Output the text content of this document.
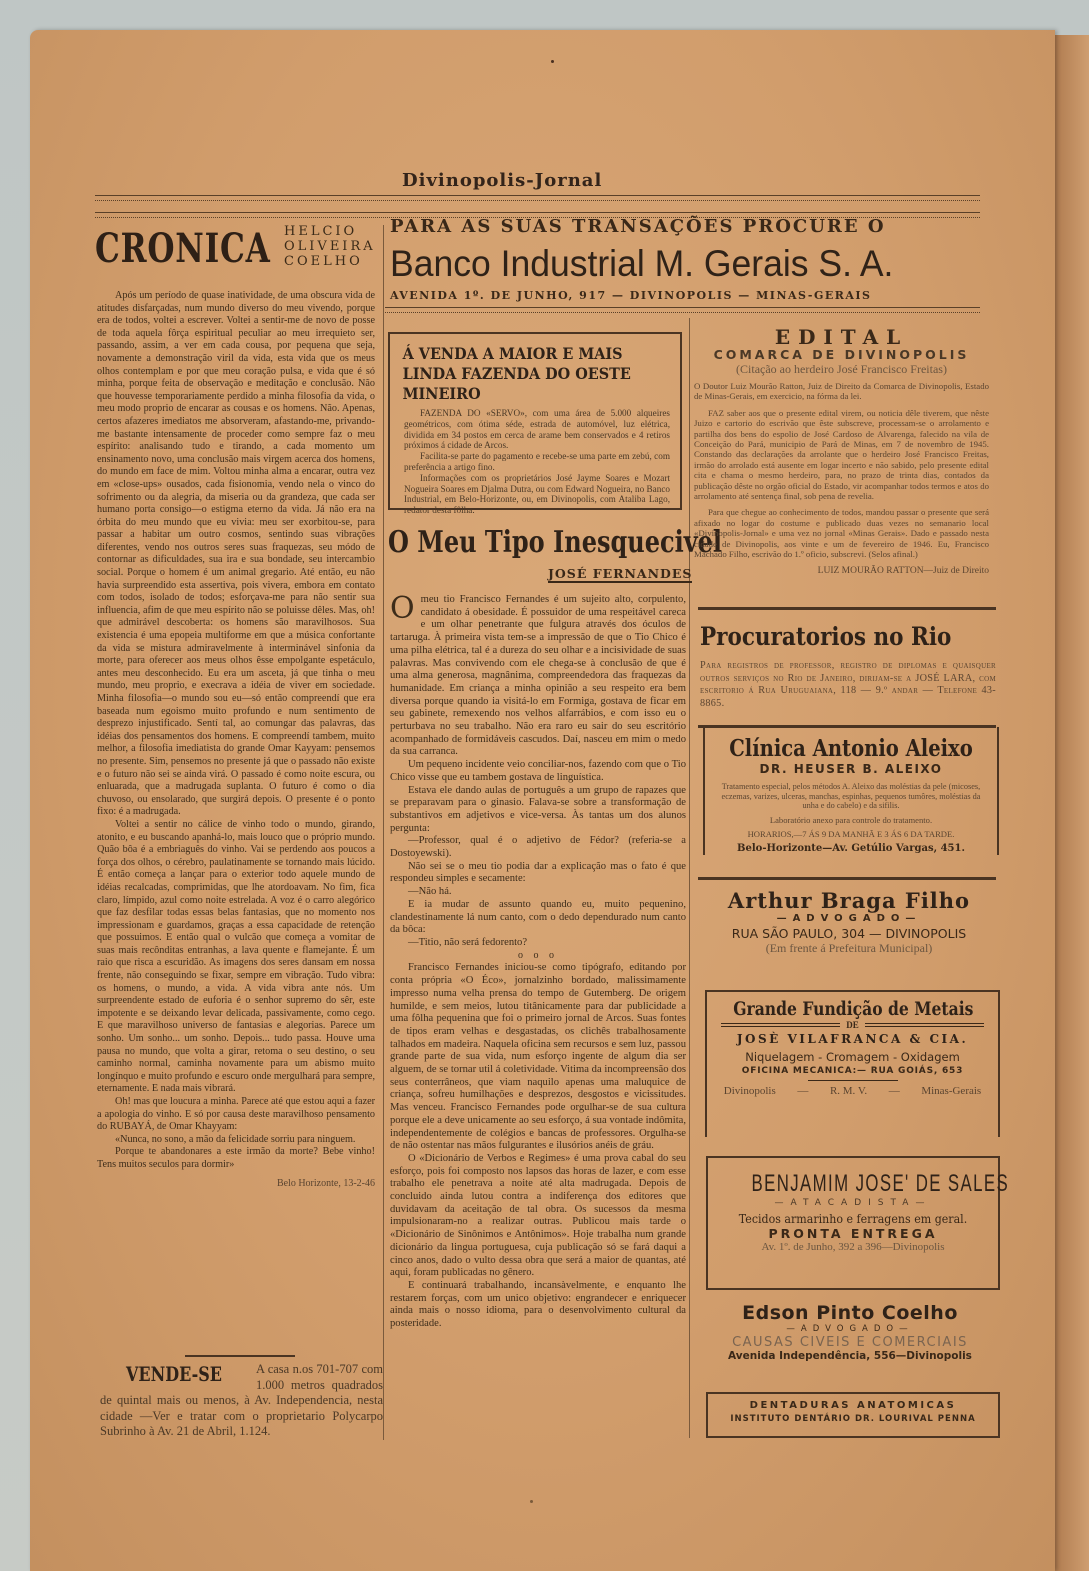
Divinopolis-Jornal
CRONICA HELCIO
OLIVEIRA
COELHO

Após um período de quase inatividade, de uma obscura vida de atitudes disfarçadas, num mundo diverso do meu vivendo, porque era de todos, voltei a escrever. Voltei a sentir-me de novo de posse de toda aquela fôrça espiritual peculiar ao meu irrequieto ser, passando, assim, a ver em cada cousa, por pequena que seja, novamente a demonstração viril da vida, esta vida que os meus olhos contemplam e por que meu coração pulsa, e vida que é só minha, porque feita de observação e meditação e conclusão. Não que houvesse temporariamente perdido a minha filosofia da vida, o meu modo proprio de encarar as cousas e os homens. Não. Apenas, certos afazeres imediatos me absorveram, afastando-me, privando-me bastante intensamente de proceder como sempre faz o meu espírito: analisando tudo e tirando, a cada momento um ensinamento novo, uma conclusão mais virgem acerca dos homens, do mundo em face de mim. Voltou minha alma a encarar, outra vez em «close-ups» ousados, cada fisionomia, vendo nela o vinco do sofrimento ou da alegria, da miseria ou da grandeza, que cada ser humano porta consigo—o estigma eterno da vida. Já não era na órbita do meu mundo que eu vivia: meu ser exorbitou-se, para passar a habitar um outro cosmos, sentindo suas vibrações diferentes, vendo nos outros seres suas fraquezas, seu módo de contornar as dificuldades, sua ira e sua bondade, seu intercambio social. Porque o homem é um animal gregario. Até então, eu não havia surpreendido esta assertiva, pois vivera, embora em contato com todos, isolado de todos; esforçava-me para não sentir sua influencia, afim de que meu espírito não se poluisse dêles. Mas, oh! que admirável descoberta: os homens são maravilhosos. Sua existencia é uma epopeia multiforme em que a música confortante da vida se mistura admiravelmente à interminável sinfonia da morte, para oferecer aos meus olhos êsse empolgante espetáculo, antes meu desconhecido. Eu era um asceta, já que tinha o meu mundo, meu proprio, e execrava a idéia de viver em sociedade. Minha filosofia—o mundo sou eu—só então compreendí que era baseada num egoismo muito profundo e num sentimento de desprezo injustificado. Sentí tal, ao comungar das palavras, das idéias dos pensamentos dos homens. E compreendí tambem, muito melhor, a filosofia imediatista do grande Omar Kayyam: pensemos no presente. Sim, pensemos no presente já que o passado não existe e o futuro não sei se ainda virá. O passado é como noite escura, ou enluarada, que a madrugada suplanta. O futuro é como o dia chuvoso, ou ensolarado, que surgirá depois. O presente é o ponto fixo: é a madrugada.

Voltei a sentir no cálice de vinho todo o mundo, girando, atonito, e eu buscando apanhá-lo, mais louco que o próprio mundo. Quão bôa é a embriaguês do vinho. Vai se perdendo aos poucos a força dos olhos, o cérebro, paulatinamente se tornando mais lúcido. É então começa a lançar para o exterior todo aquele mundo de idéias recalcadas, comprimidas, que lhe atordoavam. No fim, fica claro, límpido, azul como noite estrelada. A voz é o carro alegórico que faz desfilar todas essas belas fantasias, que no momento nos impressionam e guardamos, graças a essa capacidade de retenção que possuimos. E então qual o vulcão que começa a vomitar de suas mais recônditas entranhas, a lava quente e flamejante. É um raio que risca a escuridão. As imagens dos seres dansam em nossa frente, não conseguindo se fixar, sempre em vibração. Tudo vibra: os homens, o mundo, a vida. A vida vibra ante nós. Um surpreendente estado de euforia é o senhor supremo do sêr, este impotente e se deixando levar delicada, passivamente, como cego. E que maravilhoso universo de fantasias e alegorias. Parece um sonho. Um sonho... um sonho. Depois... tudo passa. Houve uma pausa no mundo, que volta a girar, retoma o seu destino, o seu caminho normal, caminha novamente para um abismo muito longínquo e muito profundo e escuro onde mergulhará para sempre, eternamente. E nada mais vibrará.

Oh! mas que loucura a minha. Parece até que estou aqui a fazer a apologia do vinho. E só por causa deste maravilhoso pensamento do RUBAYÁ, de Omar Khayyam:

«Nunca, no sono, a mão da felicidade sorriu para ninguem.

Porque te abandonares a este irmão da morte? Bebe vinho! Tens muitos seculos para dormir»

Belo Horizonte, 13-2-46
VENDE-SE	A casa n.os 701-707 com 1.000 metros quadrados de quintal mais ou menos, à Av. Independencia, nesta cidade —Ver e tratar com o proprietario Polycarpo Subrinho à Av. 21 de Abril, 1.124.
PARA AS SUAS TRANSAÇÕES PROCURE O
Banco Industrial M. Gerais S. A.
AVENIDA 1º. DE JUNHO, 917 — DIVINOPOLIS — MINAS-GERAIS
Á VENDA A MAIOR E MAIS LINDA FAZENDA DO OESTE MINEIRO

FAZENDA DO «SERVO», com uma área de 5.000 alqueires geométricos, com ótima séde, estrada de automóvel, luz elétrica, dividida em 34 postos em cerca de arame bem conservados e 4 retiros próximos á cidade de Arcos.

Facilita-se parte do pagamento e recebe-se uma parte em zebú, com preferência a artigo fino.

Informações com os proprietários José Jayme Soares e Mozart Nogueira Soares em Djalma Dutra, ou com Edward Nogueira, no Banco Industrial, em Belo-Horizonte, ou, em Divinopolis, com Ataliba Lago, redator desta fôlha.

O Meu Tipo Inesquecivel
JOSÉ FERNANDES

Omeu tio Francisco Fernandes é um sujeito alto, corpulento, candidato á obesidade. É possuidor de uma respeitável careca e um olhar penetrante que fulgura através dos óculos de tartaruga. À primeira vista tem-se a impressão de que o Tio Chico é uma pilha elétrica, tal é a dureza do seu olhar e a incisividade de suas palavras. Mas convivendo com ele chega-se à conclusão de que é uma alma generosa, magnânima, compreendedora das fraquezas da humanidade. Em criança a minha opinião a seu respeito era bem diversa porque quando ia visitá-lo em Formiga, gostava de ficar em seu gabinete, remexendo nos velhos alfarrábios, e com isso eu o perturbava no seu trabalho. Não era raro eu sair do seu escritório acompanhado de formidáveis cascudos. Daí, nasceu em mim o medo da sua carranca.

Um pequeno incidente veio conciliar-nos, fazendo com que o Tio Chico visse que eu tambem gostava de linguística.

Estava ele dando aulas de português a um grupo de rapazes que se preparavam para o ginasio. Falava-se sobre a transformação de substantivos em adjetivos e vice-versa. Às tantas um dos alunos pergunta:

—Professor, qual é o adjetivo de Fédor? (referia-se a Dostoyewski).

Não sei se o meu tio podia dar a explicação mas o fato é que respondeu simples e secamente:

—Não há.

E ia mudar de assunto quando eu, muito pequenino, clandestinamente lá num canto, com o dedo dependurado num canto da bôca:

—Titio, não será fedorento?

o o o

Francisco Fernandes iniciou-se como tipógrafo, editando por conta própria «O Éco», jornalzinho bordado, malissimamente impresso numa velha prensa do tempo de Gutemberg. De origem humilde, e sem meios, lutou titânicamente para dar publicidade a uma fôlha pequenina que foi o primeiro jornal de Arcos. Suas fontes de tipos eram velhas e desgastadas, os clichês trabalhosamente talhados em madeira. Naquela oficina sem recursos e sem luz, passou grande parte de sua vida, num esforço ingente de algum dia ser alguem, de se tornar util á coletividade. Vitima da incompreensão dos seus conterrâneos, que viam naquilo apenas uma maluquice de criança, sofreu humilhações e desprezos, desgostos e vicissitudes. Mas venceu. Francisco Fernandes pode orgulhar-se de sua cultura porque ele a deve unicamente ao seu esforço, á sua vontade indômita, independentemente de colégios e bancas de professores. Orgulha-se de não ostentar nas mãos fulgurantes e ilusórios anéis de gráu.

O «Dicionário de Verbos e Regimes» é uma prova cabal do seu esforço, pois foi composto nos lapsos das horas de lazer, e com esse trabalho ele penetrava a noite até alta madrugada. Depois de concluido ainda lutou contra a indiferença dos editores que duvidavam da aceitação de tal obra. Os sucessos da mesma impulsionaram-no a realizar outras. Publicou mais tarde o «Dicionário de Sinônimos e Antônimos». Hoje trabalha num grande dicionário da lingua portuguesa, cuja publicação só se fará daqui a cinco anos, dado o vulto dessa obra que será a maior de quantas, até aqui, foram publicadas no gênero.

E continuará trabalhando, incansàvelmente, e enquanto lhe restarem forças, com um unico objetivo: engrandecer e enriquecer ainda mais o nosso idioma, para o desenvolvimento cultural da posteridade.

EDITAL
COMARCA DE DIVINOPOLIS
(Citação ao herdeiro José Francisco Freitas)

O Doutor Luiz Mourão Ratton, Juiz de Direito da Comarca de Divinopolis, Estado de Minas-Gerais, em exercicio, na fórma da lei.

FAZ saber aos que o presente edital virem, ou noticia dêle tiverem, que nêste Juizo e cartorio do escrivão que êste subscreve, processam-se o arrolamento e partilha dos bens do espolio de José Cardoso de Alvarenga, falecido na vila de Conceição do Pará, municipio de Pará de Minas, em 7 de novembro de 1945. Constando das declarações da arrolante que o herdeiro José Francisco Freitas, irmão do arrolado está ausente em logar incerto e não sabido, pelo presente edital cita e chama o mesmo herdeiro, para, no prazo de trinta dias, contados da publicação dêste no orgão oficial do Estado, vir acompanhar todos termos e atos do arrolamento até sentença final, sob pena de revelia.

Para que chegue ao conhecimento de todos, mandou passar o presente que será afixado no logar do costume e publicado duas vezes no semanario local «Divinopolis-Jornal» e uma vez no jornal «Minas Gerais». Dado e passado nesta cidade de Divinopolis, aos vinte e um de fevereiro de 1946. Eu, Francisco Machado Filho, escrivão do 1.º oficio, subscrevi. (Selos afinal.)

LUIZ MOURÃO RATTON—Juiz de Direito
Procuratorios no Rio
Para registros de professor, registro de diplomas e quaisquer outros serviços no Rio de Janeiro, dirijam-se a JOSÉ LARA, com escritorio á Rua Uruguaiana, 118 — 9.º andar — Telefone 43-8865.
Clínica Antonio Aleixo
DR. HEUSER B. ALEIXO
Tratamento especial, pelos métodos A. Aleixo das moléstias da pele (micoses, eczemas, varizes, ulceras, manchas, espinhas, pequenos tumôres, moléstias da unha e do cabelo) e da sifilis.
Laboratório anexo para controle do tratamento.
HORARIOS,—7 ÁS 9 DA MANHÃ E 3 ÁS 6 DA TARDE.
Belo-Horizonte—Av. Getúlio Vargas, 451.
Arthur Braga Filho
—ADVOGADO—
RUA SÃO PAULO, 304 — DIVINOPOLIS
(Em frente á Prefeitura Municipal)
Grande Fundição de Metais
DE
JOSÈ VILAFRANCA & CIA.
Niquelagem - Cromagem - Oxidagem
OFICINA MECANICA:— RUA GOIÁS, 653
Divinopolis — R. M. V. — Minas-Gerais
BENJAMIM JOSE' DE SALES
—ATACADISTA—
Tecidos armarinho e ferragens em geral.
PRONTA ENTREGA
Av. 1º. de Junho, 392 a 396—Divinopolis
Edson Pinto Coelho
—ADVOGADO—
CAUSAS CIVEIS E COMERCIAIS
Avenida Independência, 556—Divinopolis
DENTADURAS ANATOMICAS
INSTITUTO DENTÁRIO DR. LOURIVAL PENNA
